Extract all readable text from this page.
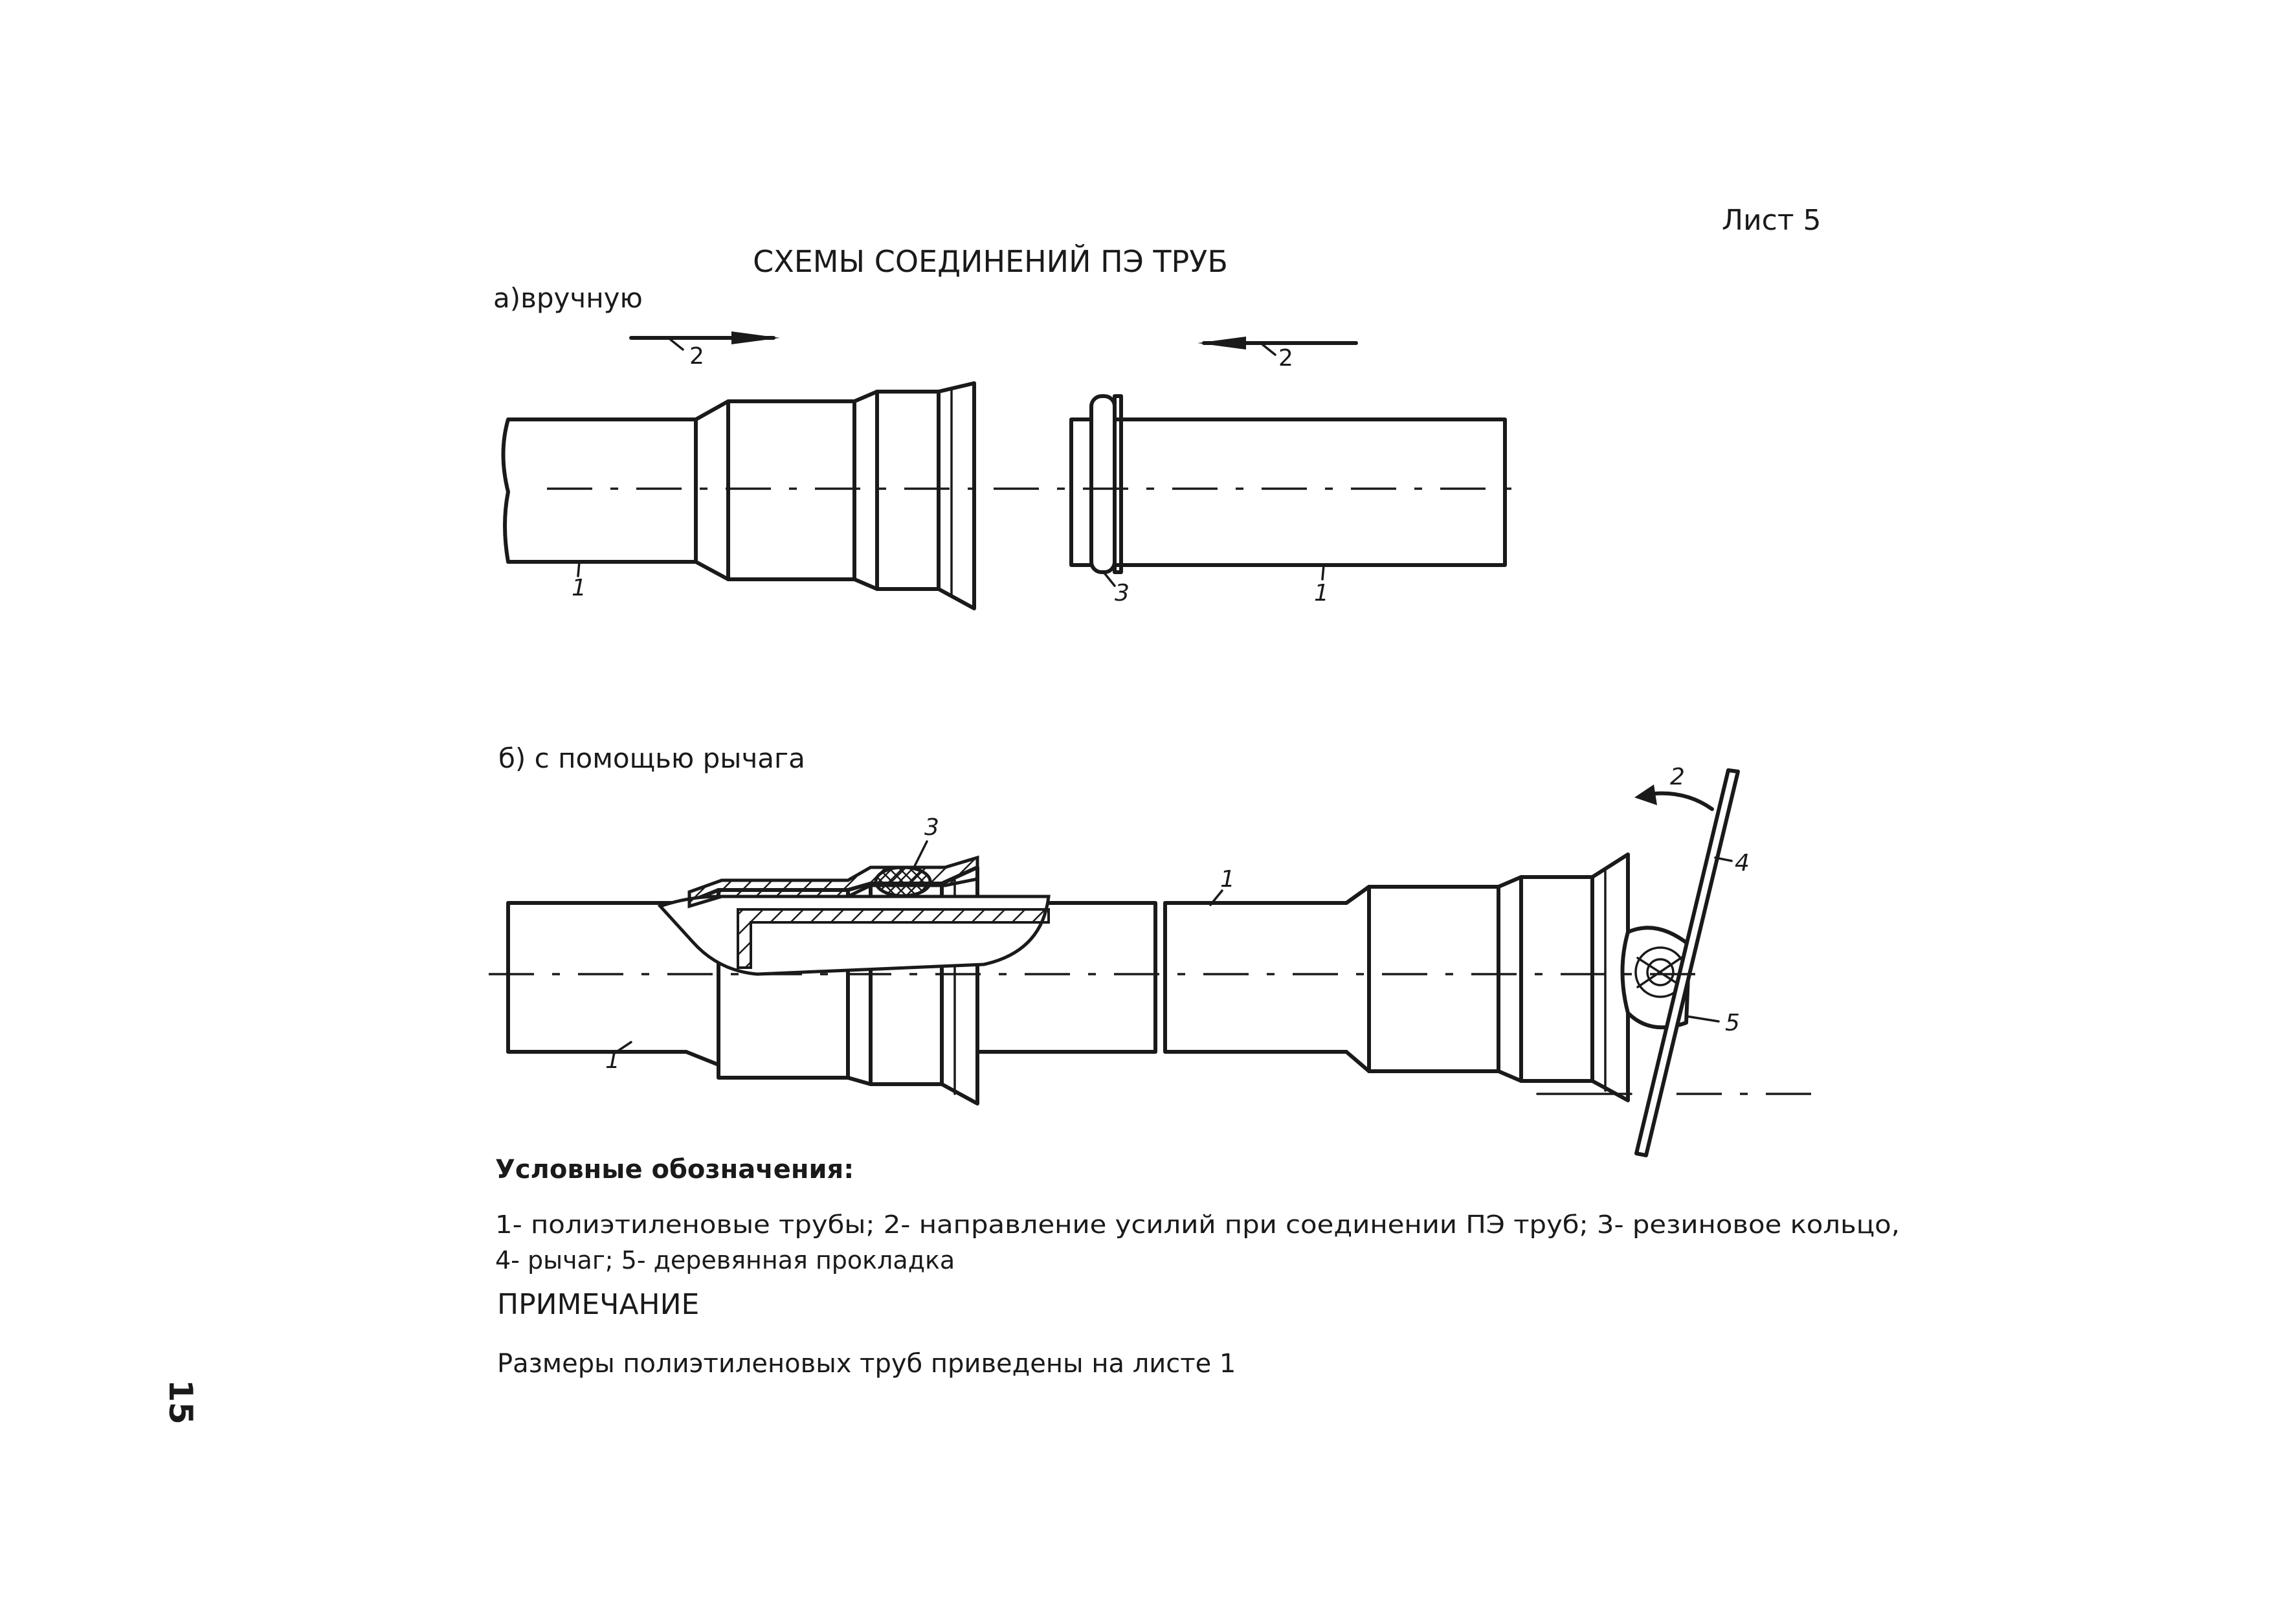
Лист 5
СХЕМЫ СОЕДИНЕНИЙ ПЭ ТРУБ
а)вручную
2	2
1	3	1
б) с помощью рычага
3
1
1
5
4
2
Условные обозначения:
1- полиэтиленовые трубы; 2- направление усилий при соединении ПЭ труб; 3- резиновое кольцо,
4- рычаг; 5- деревянная прокладка
ПРИМЕЧАНИЕ
Размеры полиэтиленовых труб приведены на листе 1
15
